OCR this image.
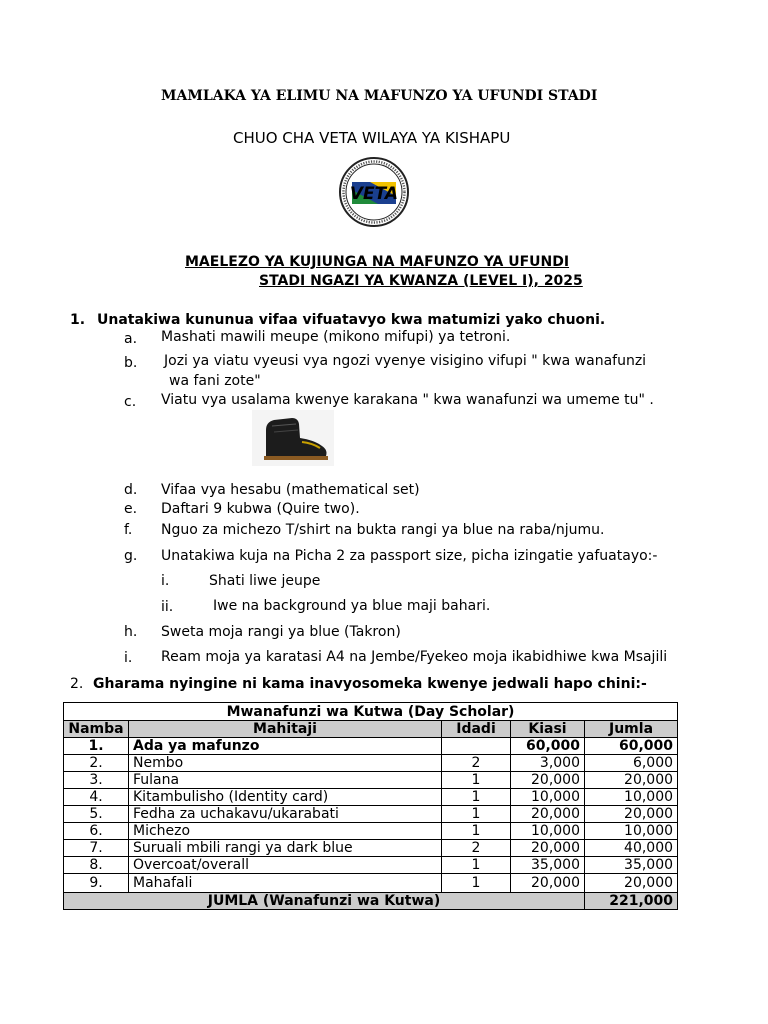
MAMLAKA YA ELIMU NA MAFUNZO YA UFUNDI STADI
CHUO CHA VETA WILAYA YA KISHAPU
VETA
MAELEZO YA KUJIUNGA NA MAFUNZO YA UFUNDI
STADI NGAZI YA KWANZA (LEVEL I), 2025
1. Unatakiwa kununua vifaa vifuatavyo kwa matumizi yako chuoni.
a. Mashati mawili meupe (mikono mifupi) ya tetroni.
b. Jozi ya viatu vyeusi vya ngozi vyenye visigino vifupi " kwa wanafunzi
wa fani zote"
c. Viatu vya usalama kwenye karakana " kwa wanafunzi wa umeme tu" .
d. Vifaa vya hesabu (mathematical set)
e. Daftari 9 kubwa (Quire two).
f. Nguo za michezo T/shirt na bukta rangi ya blue na raba/njumu.
g. Unatakiwa kuja na Picha 2 za passport size, picha izingatie yafuatayo:-
i.	Shati liwe jeupe
ii.	Iwe na background ya blue maji bahari.
h. Sweta moja rangi ya blue (Takron)
i. Ream moja ya karatasi A4 na Jembe/Fyekeo moja ikabidhiwe kwa Msajili
2. Gharama nyingine ni kama inavyosomeka kwenye jedwali hapo chini:-
Mwanafunzi wa Kutwa (Day Scholar)				
Namba	Mahitaji	Idadi	Kiasi	Jumla
1.	Ada ya mafunzo		60,000	60,000
2.	Nembo	2	3,000	6,000
3.	Fulana	1	20,000	20,000
4.	Kitambulisho (Identity card)	1	10,000	10,000
5.	Fedha za uchakavu/ukarabati	1	20,000	20,000
6.	Michezo	1	10,000	10,000
7.	Suruali mbili rangi ya dark blue	2	20,000	40,000
8.	Overcoat/overall	1	35,000	35,000
9.	Mahafali	1	20,000	20,000
JUMLA (Wanafunzi wa Kutwa)				221,000
